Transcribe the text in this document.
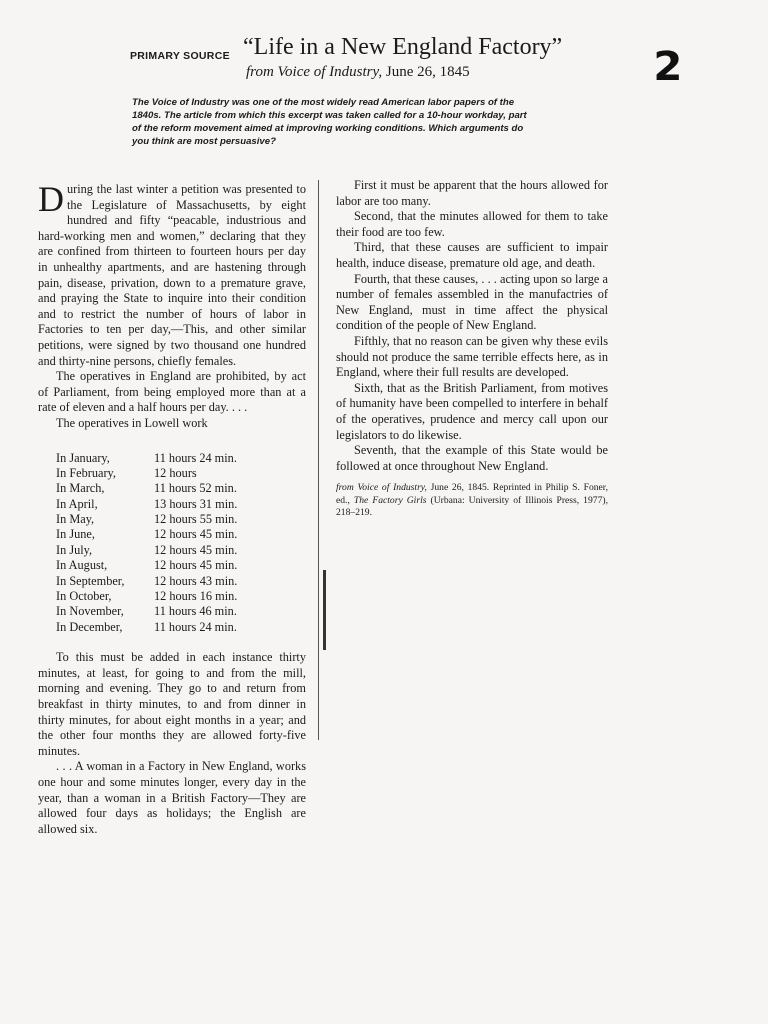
PRIMARY SOURCE “Life in a New England Factory”
from Voice of Industry, June 26, 1845	2
The Voice of Industry was one of the most widely read American labor papers of the 1840s. The article from which this excerpt was taken called for a 10-hour workday, part of the reform movement aimed at improving working conditions. Which arguments do you think are most persuasive?

During the last winter a petition was presented to the Legislature of Massachusetts, by eight hundred and fifty “peacable, industrious and hard-working men and women,” declaring that they are confined from thirteen to fourteen hours per day in unhealthy apartments, and are hastening through pain, disease, privation, down to a premature grave, and praying the State to inquire into their condition and to restrict the number of hours of labor in Factories to ten per day,—This, and other similar petitions, were signed by two thousand one hundred and thirty-nine persons, chiefly females.

The operatives in England are prohibited, by act of Parliament, from being employed more than at a rate of eleven and a half hours per day. . . .

The operatives in Lowell work

In January,	11 hours 24 min.
In February,	12 hours
In March,	11 hours 52 min.
In April,	13 hours 31 min.
In May,	12 hours 55 min.
In June,	12 hours 45 min.
In July,	12 hours 45 min.
In August,	12 hours 45 min.
In September,	12 hours 43 min.
In October,	12 hours 16 min.
In November,	11 hours 46 min.
In December,	11 hours 24 min.

To this must be added in each instance thirty minutes, at least, for going to and from the mill, morning and evening. They go to and return from breakfast in thirty minutes, to and from dinner in thirty minutes, for about eight months in a year; and the other four months they are allowed forty-five minutes.

. . . A woman in a Factory in New England, works one hour and some minutes longer, every day in the year, than a woman in a British Factory—They are allowed four days as holidays; the English are allowed six.

First it must be apparent that the hours allowed for labor are too many.

Second, that the minutes allowed for them to take their food are too few.

Third, that these causes are sufficient to impair health, induce disease, premature old age, and death.

Fourth, that these causes, . . . acting upon so large a number of females assembled in the manufactries of New England, must in time affect the physical condition of the people of New England.

Fifthly, that no reason can be given why these evils should not produce the same terrible effects here, as in England, where their full results are developed.

Sixth, that as the British Parliament, from motives of humanity have been compelled to interfere in behalf of the operatives, prudence and mercy call upon our legislators to do likewise.

Seventh, that the example of this State would be followed at once throughout New England.

from Voice of Industry, June 26, 1845. Reprinted in Philip S. Foner, ed., The Factory Girls (Urbana: University of Illinois Press, 1977), 218–219.
